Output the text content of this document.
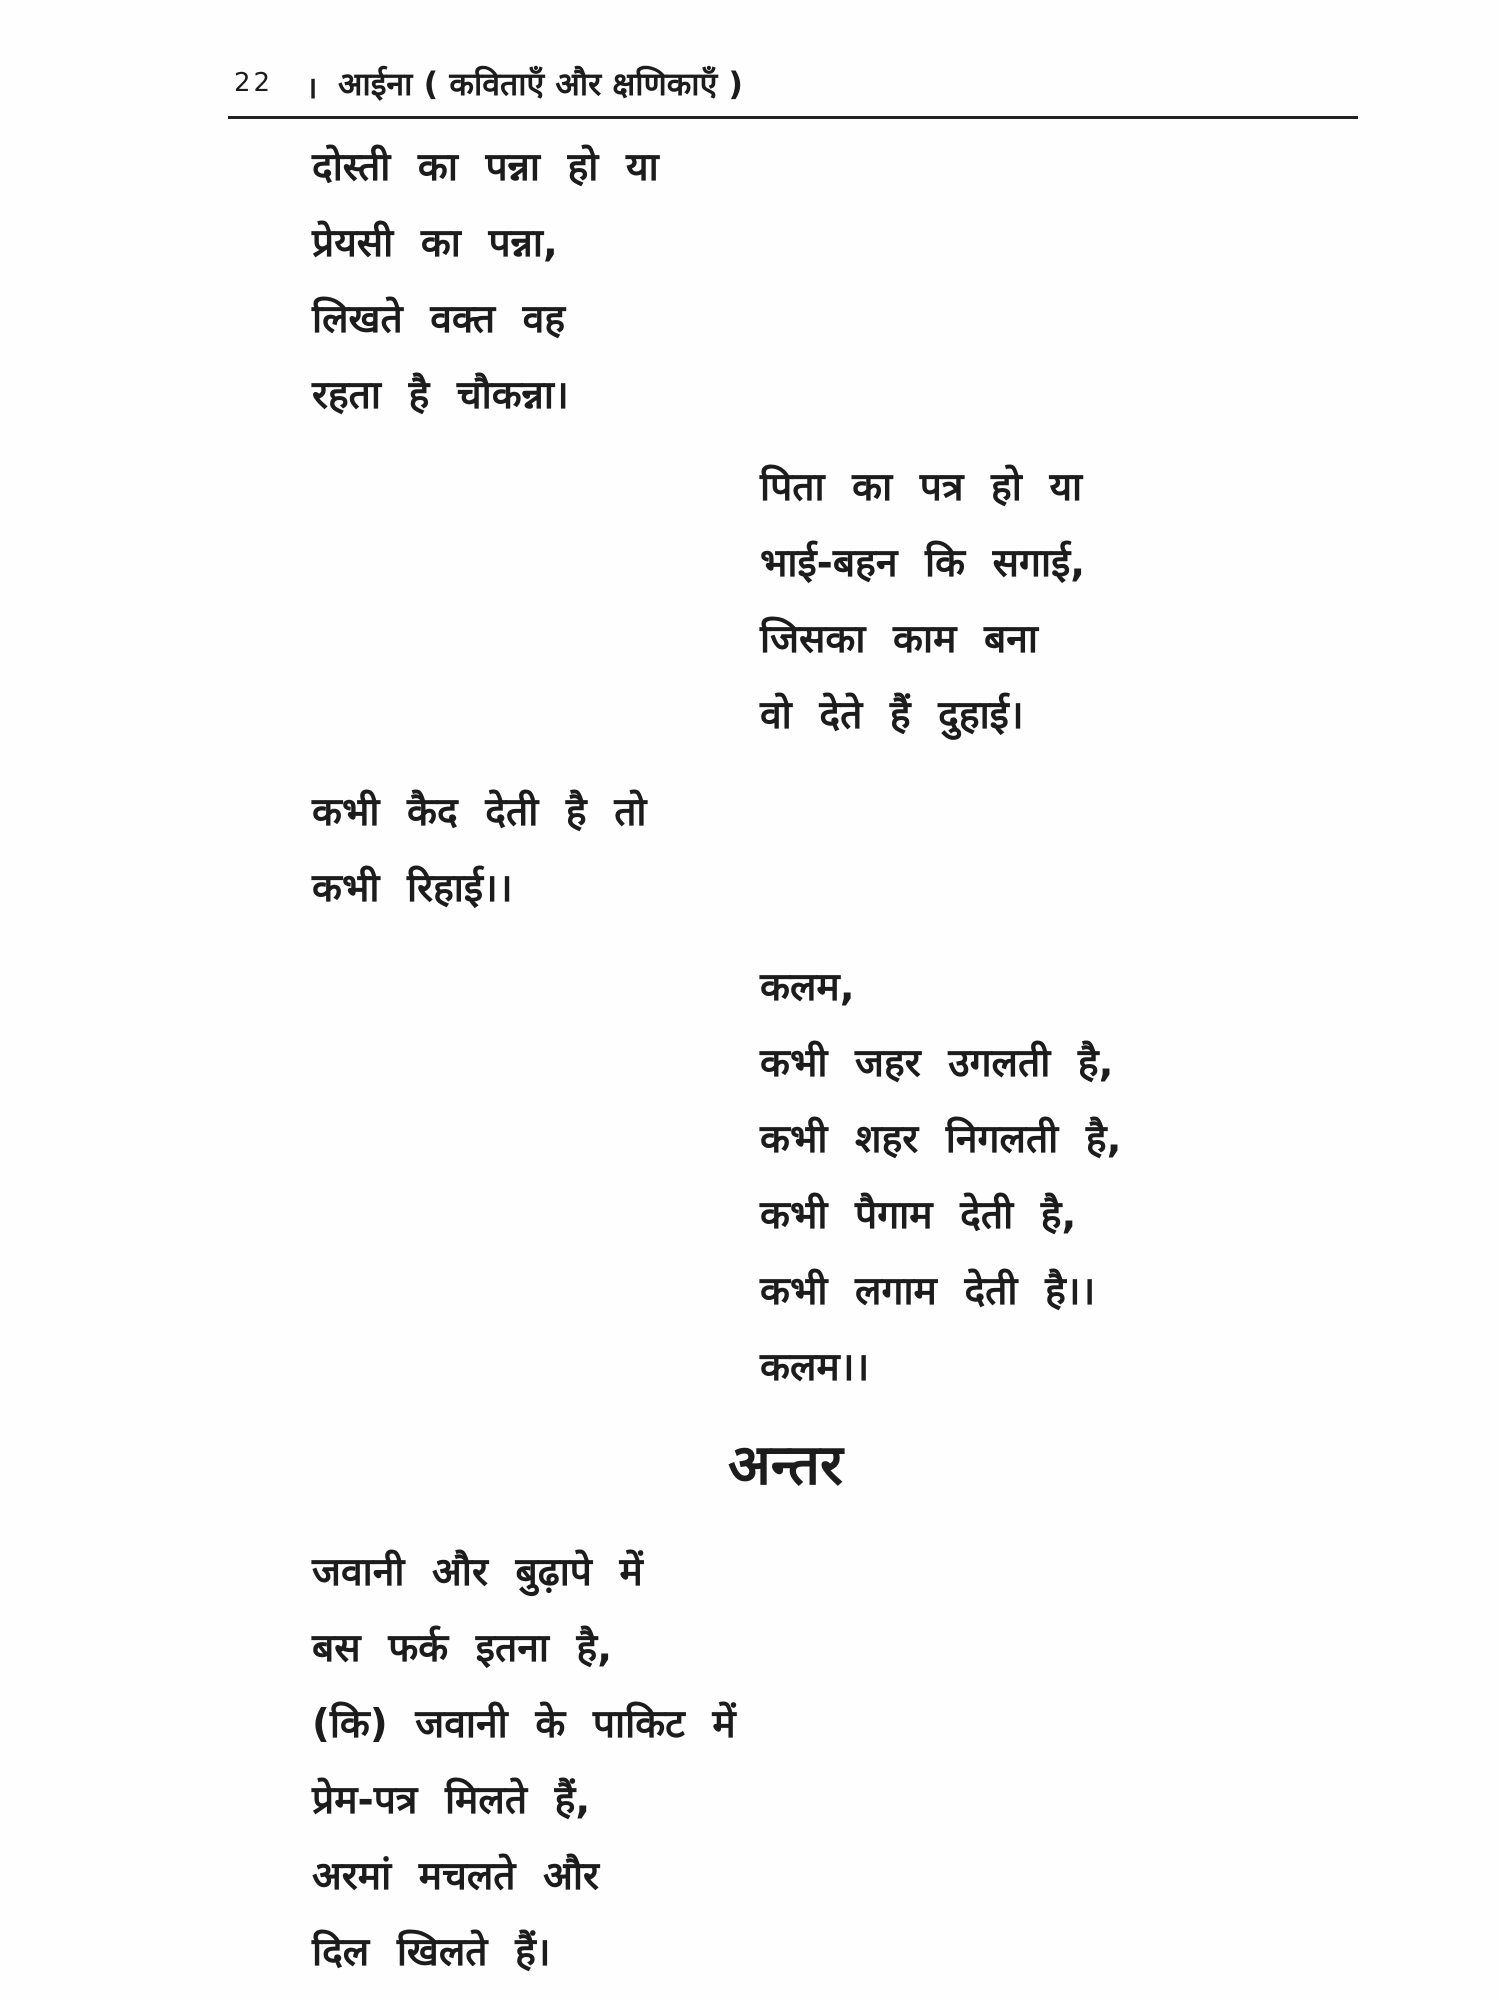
22 । आईना ( कविताएँ और क्षणिकाएँ )
दोस्ती का पन्ना हो या
प्रेयसी का पन्ना,
लिखते वक्त वह
रहता है चौकन्ना।
पिता का पत्र हो या
भाई-बहन कि सगाई,
जिसका काम बना
वो देते हैं दुहाई।
कभी कैद देती है तो
कभी रिहाई।।
कलम,
कभी जहर उगलती है,
कभी शहर निगलती है,
कभी पैगाम देती है,
कभी लगाम देती है।।
कलम।।
अन्तर
जवानी और बुढ़ापे में
बस फर्क इतना है,
(कि) जवानी के पाकिट में
प्रेम-पत्र मिलते हैं,
अरमां मचलते और
दिल खिलते हैं।
